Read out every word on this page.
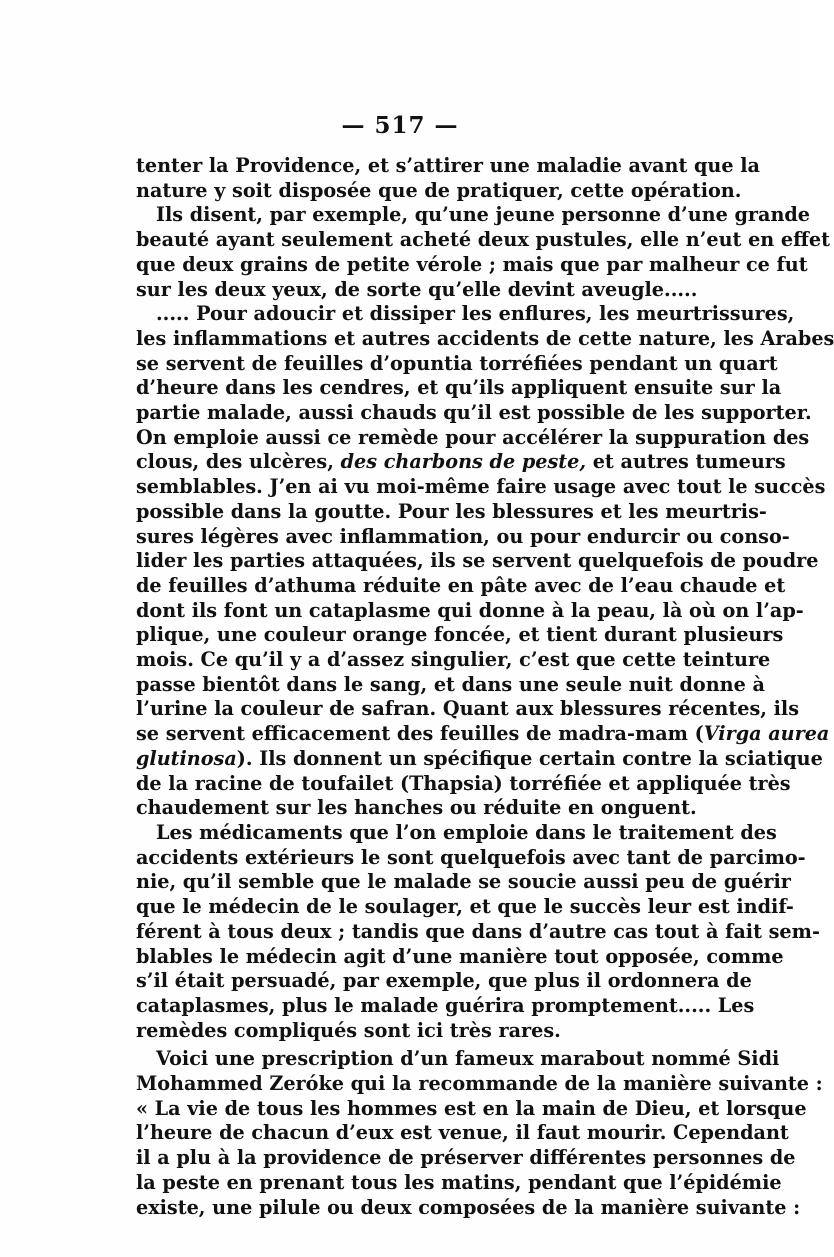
— 517 —
tenter la Providence, et s’attirer une maladie avant que la
nature y soit disposée que de pratiquer, cette opération.
Ils disent, par exemple, qu’une jeune personne d’une grande
beauté ayant seulement acheté deux pustules, elle n’eut en effet
que deux grains de petite vérole ; mais que par malheur ce fut
sur les deux yeux, de sorte qu’elle devint aveugle.....
..... Pour adoucir et dissiper les enflures, les meurtrissures,
les inflammations et autres accidents de cette nature, les Arabes
se servent de feuilles d’opuntia torréfiées pendant un quart
d’heure dans les cendres, et qu’ils appliquent ensuite sur la
partie malade, aussi chauds qu’il est possible de les supporter.
On emploie aussi ce remède pour accélérer la suppuration des
clous, des ulcères, des charbons de peste, et autres tumeurs
semblables. J’en ai vu moi-même faire usage avec tout le succès
possible dans la goutte. Pour les blessures et les meurtris-
sures légères avec inflammation, ou pour endurcir ou conso-
lider les parties attaquées, ils se servent quelquefois de poudre
de feuilles d’athuma réduite en pâte avec de l’eau chaude et
dont ils font un cataplasme qui donne à la peau, là où on l’ap-
plique, une couleur orange foncée, et tient durant plusieurs
mois. Ce qu’il y a d’assez singulier, c’est que cette teinture
passe bientôt dans le sang, et dans une seule nuit donne à
l’urine la couleur de safran. Quant aux blessures récentes, ils
se servent efficacement des feuilles de madra-mam (Virga aurea
glutinosa). Ils donnent un spécifique certain contre la sciatique
de la racine de toufailet (Thapsia) torréfiée et appliquée très
chaudement sur les hanches ou réduite en onguent.
Les médicaments que l’on emploie dans le traitement des
accidents extérieurs le sont quelquefois avec tant de parcimo-
nie, qu’il semble que le malade se soucie aussi peu de guérir
que le médecin de le soulager, et que le succès leur est indif-
férent à tous deux ; tandis que dans d’autre cas tout à fait sem-
blables le médecin agit d’une manière tout opposée, comme
s’il était persuadé, par exemple, que plus il ordonnera de
cataplasmes, plus le malade guérira promptement..... Les
remèdes compliqués sont ici très rares.
Voici une prescription d’un fameux marabout nommé Sidi
Mohammed Zeróke qui la recommande de la manière suivante :
« La vie de tous les hommes est en la main de Dieu, et lorsque
l’heure de chacun d’eux est venue, il faut mourir. Cependant
il a plu à la providence de préserver différentes personnes de
la peste en prenant tous les matins, pendant que l’épidémie
existe, une pilule ou deux composées de la manière suivante :
